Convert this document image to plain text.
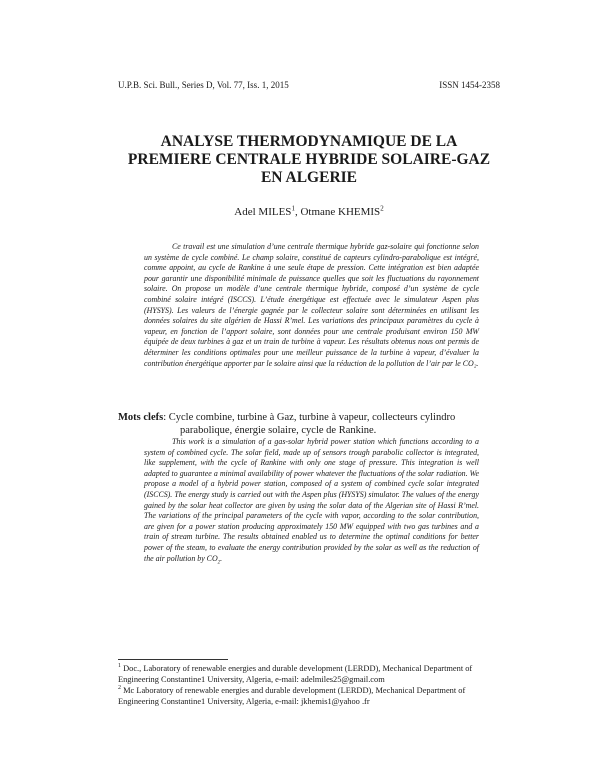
U.P.B. Sci. Bull., Series D, Vol. 77, Iss. 1, 2015	ISSN 1454-2358
ANALYSE THERMODYNAMIQUE DE LA
PREMIERE CENTRALE HYBRIDE SOLAIRE-GAZ
EN ALGERIE
Adel MILES$^1$, Otmane KHEMIS$^2$

Ce travail est une simulation d’une centrale thermique hybride gaz-solaire qui fonctionne selon un système de cycle combiné. Le champ solaire, constitué de capteurs cylindro-parabolique est intégré, comme appoint, au cycle de Rankine à une seule étape de pression. Cette intégration est bien adaptée pour garantir une disponibilité minimale de puissance quelles que soit les fluctuations du rayonnement solaire. On propose un modèle d’une centrale thermique hybride, composé d’un système de cycle combiné solaire intégré (ISCCS). L’étude énergétique est effectuée avec le simulateur Aspen plus (HYSYS). Les valeurs de l’énergie gagnée par le collecteur solaire sont déterminées en utilisant les données solaires du site algérien de Hassi R’mel. Les variations des principaux paramètres du cycle à vapeur, en fonction de l’apport solaire, sont données pour une centrale produisant environ 150 MW équipée de deux turbines à gaz et un train de turbine à vapeur. Les résultats obtenus nous ont permis de déterminer les conditions optimales pour une meilleur puissance de la turbine à vapeur, d’évaluer la contribution énergétique apporter par le solaire ainsi que la réduction de la pollution de l’air par le CO₂.

Mots clefs: Cycle combine, turbine à Gaz, turbine à vapeur, collecteurs cylindro
parabolique, énergie solaire, cycle de Rankine.

This work is a simulation of a gas-solar hybrid power station which functions according to a system of combined cycle. The solar field, made up of sensors trough parabolic collector is integrated, like supplement, with the cycle of Rankine with only one stage of pressure. This integration is well adapted to guarantee a minimal availability of power whatever the fluctuations of the solar radiation. We propose a model of a hybrid power station, composed of a system of combined cycle solar integrated (ISCCS). The energy study is carried out with the Aspen plus (HYSYS) simulator. The values of the energy gained by the solar heat collector are given by using the solar data of the Algerian site of Hassi R’mel. The variations of the principal parameters of the cycle with vapor, according to the solar contribution, are given for a power station producing approximately 150 MW equipped with two gas turbines and a train of stream turbine. The results obtained enabled us to determine the optimal conditions for better power of the steam, to evaluate the energy contribution provided by the solar as well as the reduction of the air pollution by $CO_2$.

$^1$ Doc., Laboratory of renewable energies and durable development (LERDD), Mechanical Department of Engineering Constantine1 University, Algeria, e-mail: adelmiles25@gmail.com

$^2$ Mc Laboratory of renewable energies and durable development (LERDD), Mechanical Department of Engineering Constantine1 University, Algeria, e-mail: jkhemis1@yahoo .fr
